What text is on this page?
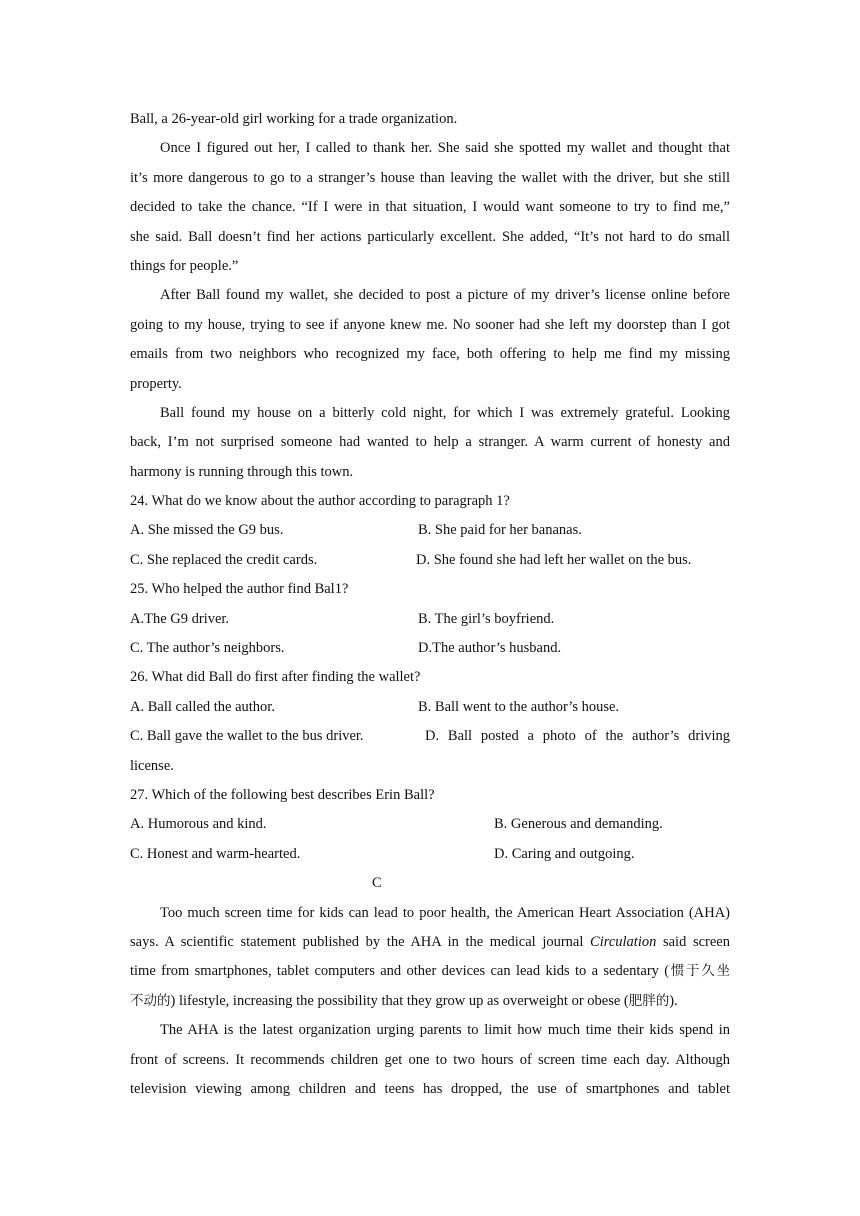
Ball, a 26-year-old girl working for a trade organization.
Once I figured out her, I called to thank her. She said she spotted my wallet and thought that
it’s more dangerous to go to a stranger’s house than leaving the wallet with the driver, but she still
decided to take the chance. “If I were in that situation, I would want someone to try to find me,”
she said. Ball doesn’t find her actions particularly excellent. She added, “It’s not hard to do small
things for people.”
After Ball found my wallet, she decided to post a picture of my driver’s license online before
going to my house, trying to see if anyone knew me. No sooner had she left my doorstep than I got
emails from two neighbors who recognized my face, both offering to help me find my missing
property.
Ball found my house on a bitterly cold night, for which I was extremely grateful. Looking
back, I’m not surprised someone had wanted to help a stranger. A warm current of honesty and
harmony is running through this town.
24. What do we know about the author according to paragraph 1?
A. She missed the G9 bus.	B. She paid for her bananas.
C. She replaced the credit cards.	D. She found she had left her wallet on the bus.
25. Who helped the author find Bal1?
A.The G9 driver.	B. The girl’s boyfriend.
C. The author’s neighbors.	D.The author’s husband.
26. What did Ball do first after finding the wallet?
A. Ball called the author.	B. Ball went to the author’s house.
C. Ball gave the wallet to the bus driver.	D. Ball posted a photo of the author’s driving
license.
27. Which of the following best describes Erin Ball?
A. Humorous and kind.	B. Generous and demanding.
C. Honest and warm-hearted.	D. Caring and outgoing.
C
Too much screen time for kids can lead to poor health, the American Heart Association (AHA)
says. A scientific statement published by the AHA in the medical journal Circulation said screen
time from smartphones, tablet computers and other devices can lead kids to a sedentary (惯于久坐
不动的) lifestyle, increasing the possibility that they grow up as overweight or obese (肥胖的).
The AHA is the latest organization urging parents to limit how much time their kids spend in
front of screens. It recommends children get one to two hours of screen time each day. Although
television viewing among children and teens has dropped, the use of smartphones and tablet
